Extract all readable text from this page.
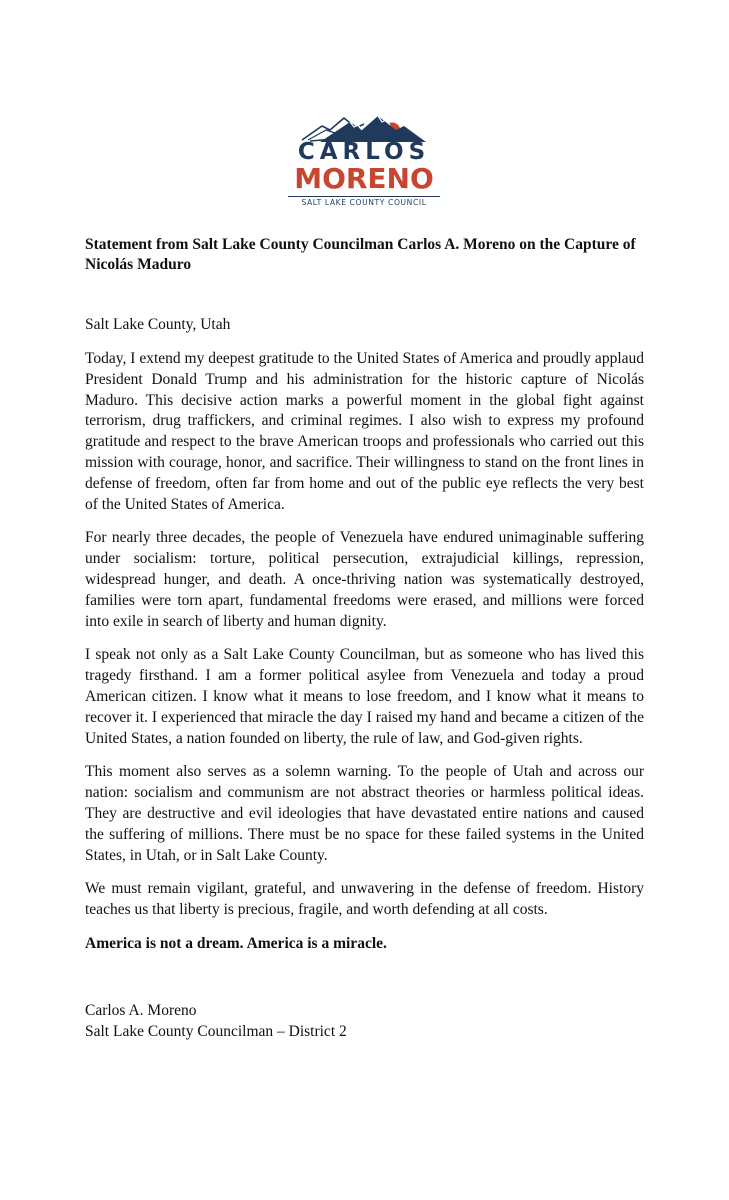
CARLOS
MORENO
SALT LAKE COUNTY COUNCIL
Statement from Salt Lake County Councilman Carlos A. Moreno on the Capture of Nicolás Maduro
Salt Lake County, Utah

Today, I extend my deepest gratitude to the United States of America and proudly applaud President Donald Trump and his administration for the historic capture of Nicolás Maduro. This decisive action marks a powerful moment in the global fight against terrorism, drug traffickers, and criminal regimes. I also wish to express my profound gratitude and respect to the brave American troops and professionals who carried out this mission with courage, honor, and sacrifice. Their willingness to stand on the front lines in defense of freedom, often far from home and out of the public eye reflects the very best of the United States of America.

For nearly three decades, the people of Venezuela have endured unimaginable suffering under socialism: torture, political persecution, extrajudicial killings, repression, widespread hunger, and death. A once-thriving nation was systematically destroyed, families were torn apart, fundamental freedoms were erased, and millions were forced into exile in search of liberty and human dignity.

I speak not only as a Salt Lake County Councilman, but as someone who has lived this tragedy firsthand. I am a former political asylee from Venezuela and today a proud American citizen. I know what it means to lose freedom, and I know what it means to recover it. I experienced that miracle the day I raised my hand and became a citizen of the United States, a nation founded on liberty, the rule of law, and God-given rights.

This moment also serves as a solemn warning. To the people of Utah and across our nation: socialism and communism are not abstract theories or harmless political ideas. They are destructive and evil ideologies that have devastated entire nations and caused the suffering of millions. There must be no space for these failed systems in the United States, in Utah, or in Salt Lake County.

We must remain vigilant, grateful, and unwavering in the defense of freedom. History teaches us that liberty is precious, fragile, and worth defending at all costs.

America is not a dream. America is a miracle.
Carlos A. Moreno
Salt Lake County Councilman – District 2
